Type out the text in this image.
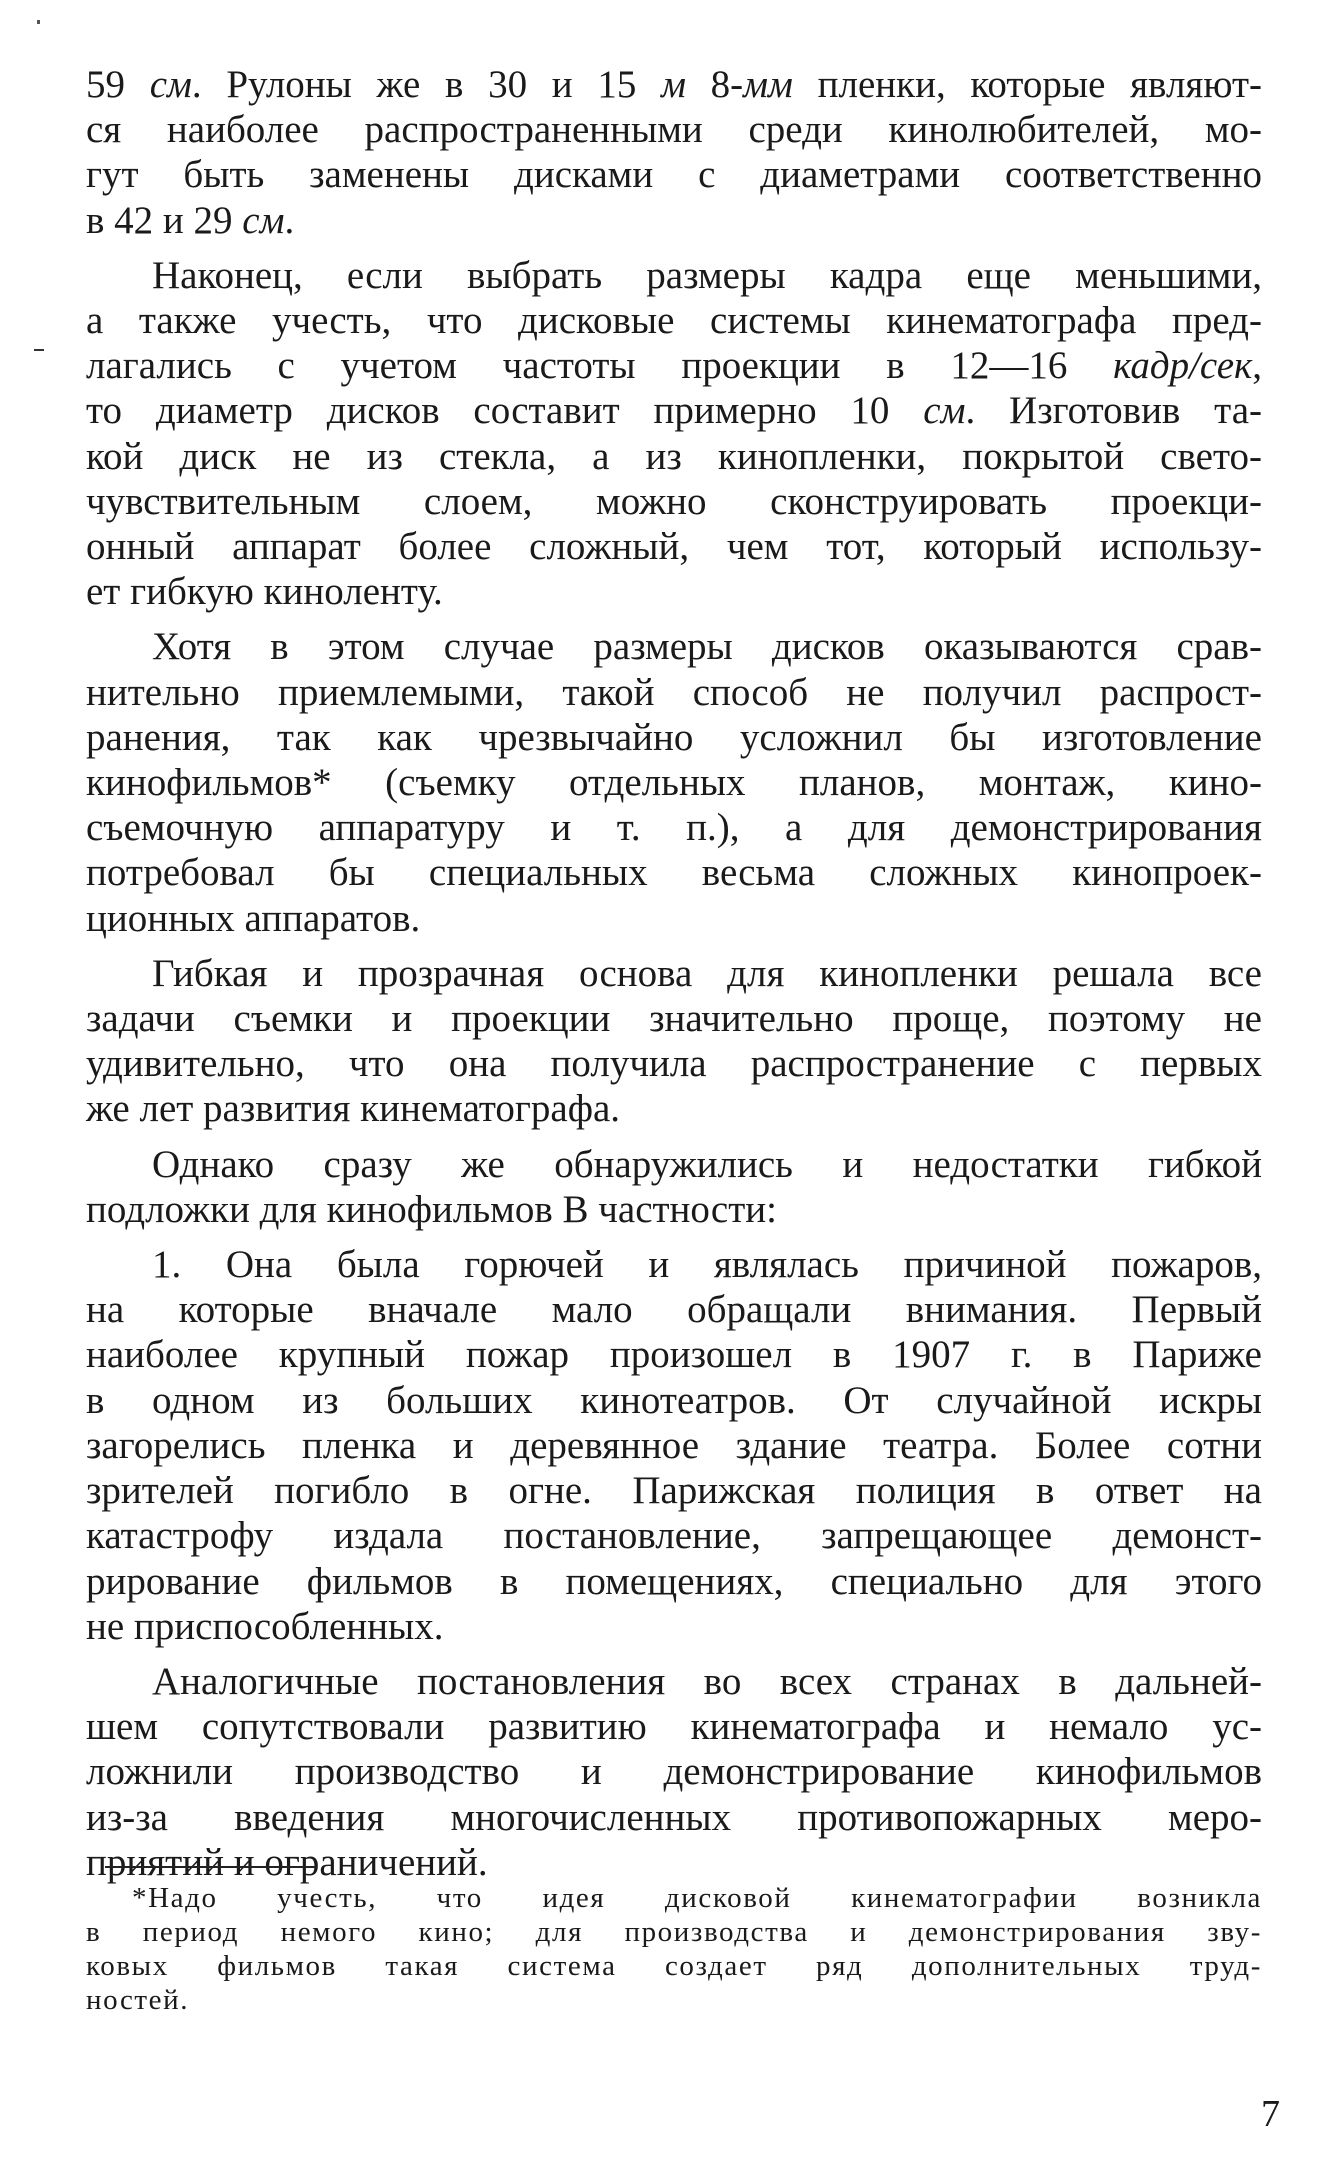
59 см. Рулоны же в 30 и 15 м 8-мм пленки, которые являют-
ся наиболее распространенными среди кинолюбителей, мо-
гут быть заменены дисками с диаметрами соответственно
в 42 и 29 см.
Наконец, если выбрать размеры кадра еще меньшими,
а также учесть, что дисковые системы кинематографа пред-
лагались с учетом частоты проекции в 12—16 кадр/сек,
то диаметр дисков составит примерно 10 см. Изготовив та-
кой диск не из стекла, а из кинопленки, покрытой свето-
чувствительным слоем, можно сконструировать проекци-
онный аппарат более сложный, чем тот, который использу-
ет гибкую киноленту.
Хотя в этом случае размеры дисков оказываются срав-
нительно приемлемыми, такой способ не получил распрост-
ранения, так как чрезвычайно усложнил бы изготовление
кинофильмов* (съемку отдельных планов, монтаж, кино-
съемочную аппаратуру и т. п.), а для демонстрирования
потребовал бы специальных весьма сложных кинопроек-
ционных аппаратов.
Гибкая и прозрачная основа для кинопленки решала все
задачи съемки и проекции значительно проще, поэтому не
удивительно, что она получила распространение с первых
же лет развития кинематографа.
Однако сразу же обнаружились и недостатки гибкой
подложки для кинофильмов В частности:
1. Она была горючей и являлась причиной пожаров,
на которые вначале мало обращали внимания. Первый
наиболее крупный пожар произошел в 1907 г. в Париже
в одном из больших кинотеатров. От случайной искры
загорелись пленка и деревянное здание театра. Более сотни
зрителей погибло в огне. Парижская полиция в ответ на
катастрофу издала постановление, запрещающее демонст-
рирование фильмов в помещениях, специально для этого
не приспособленных.
Аналогичные постановления во всех странах в дальней-
шем сопутствовали развитию кинематографа и немало ус-
ложнили производство и демонстрирование кинофильмов
из-за введения многочисленных противопожарных меро-
приятий и ограничений.
*Надо учесть, что идея дисковой кинематографии возникла
в период немого кино; для производства и демонстрирования зву-
ковых фильмов такая система создает ряд дополнительных труд-
ностей.
7
